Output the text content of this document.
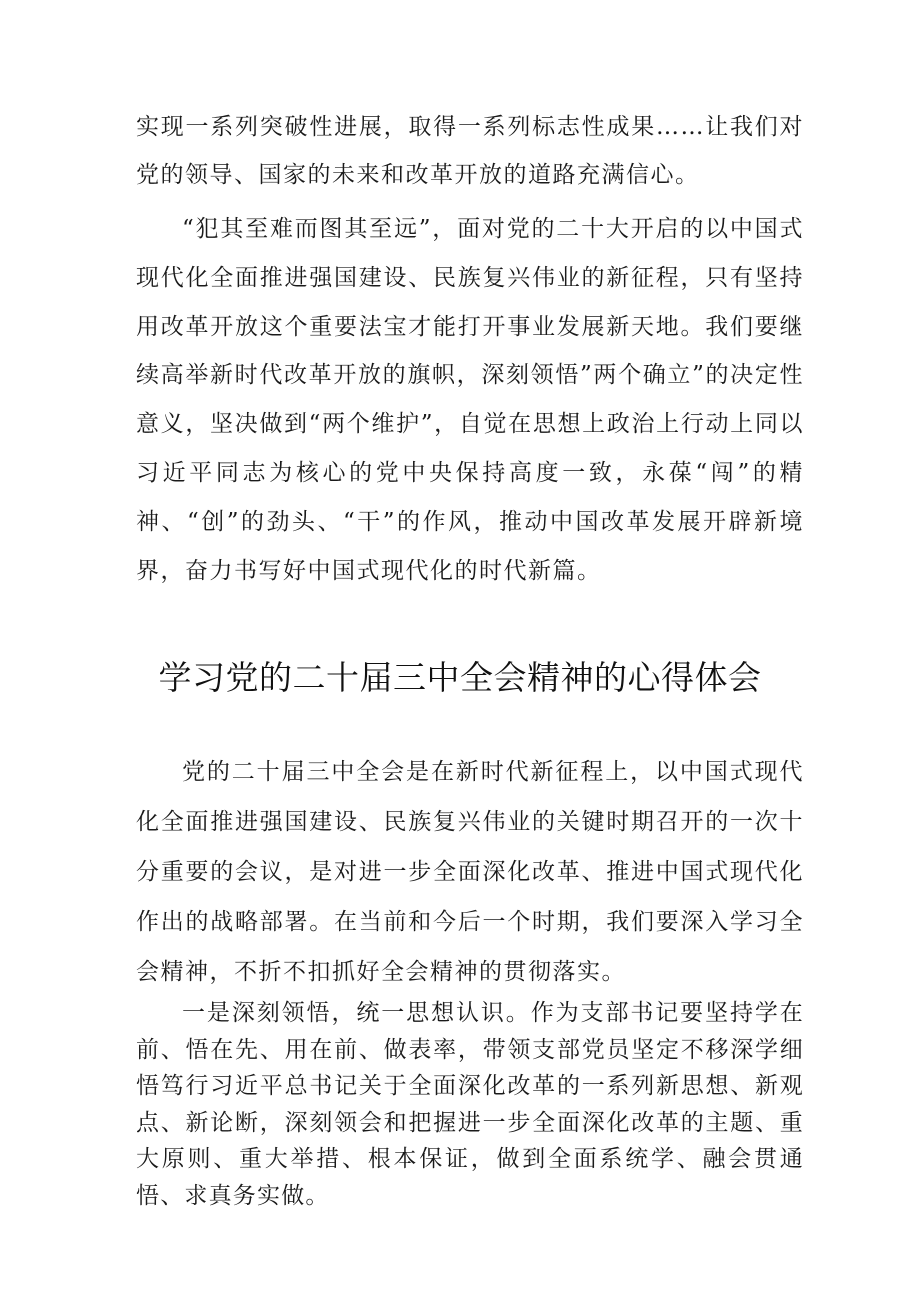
实现一系列突破性进展，取得一系列标志性成果……让我们对党的领导、国家的未来和改革开放的道路充满信心。

“犯其至难而图其至远”，面对党的二十大开启的以中国式现代化全面推进强国建设、民族复兴伟业的新征程，只有坚持用改革开放这个重要法宝才能打开事业发展新天地。我们要继续高举新时代改革开放的旗帜，深刻领悟”两个确立”的决定性意义，坚决做到“两个维护”，自觉在思想上政治上行动上同以习近平同志为核心的党中央保持高度一致，永葆“闯”的精神、“创”的劲头、“干”的作风，推动中国改革发展开辟新境界，奋力书写好中国式现代化的时代新篇。

学习党的二十届三中全会精神的心得体会

党的二十届三中全会是在新时代新征程上，以中国式现代化全面推进强国建设、民族复兴伟业的关键时期召开的一次十分重要的会议，是对进一步全面深化改革、推进中国式现代化作出的战略部署。在当前和今后一个时期，我们要深入学习全会精神，不折不扣抓好全会精神的贯彻落实。

一是深刻领悟，统一思想认识。作为支部书记要坚持学在前、悟在先、用在前、做表率，带领支部党员坚定不移深学细悟笃行习近平总书记关于全面深化改革的一系列新思想、新观点、新论断，深刻领会和把握进一步全面深化改革的主题、重大原则、重大举措、根本保证，做到全面系统学、融会贯通悟、求真务实做。
